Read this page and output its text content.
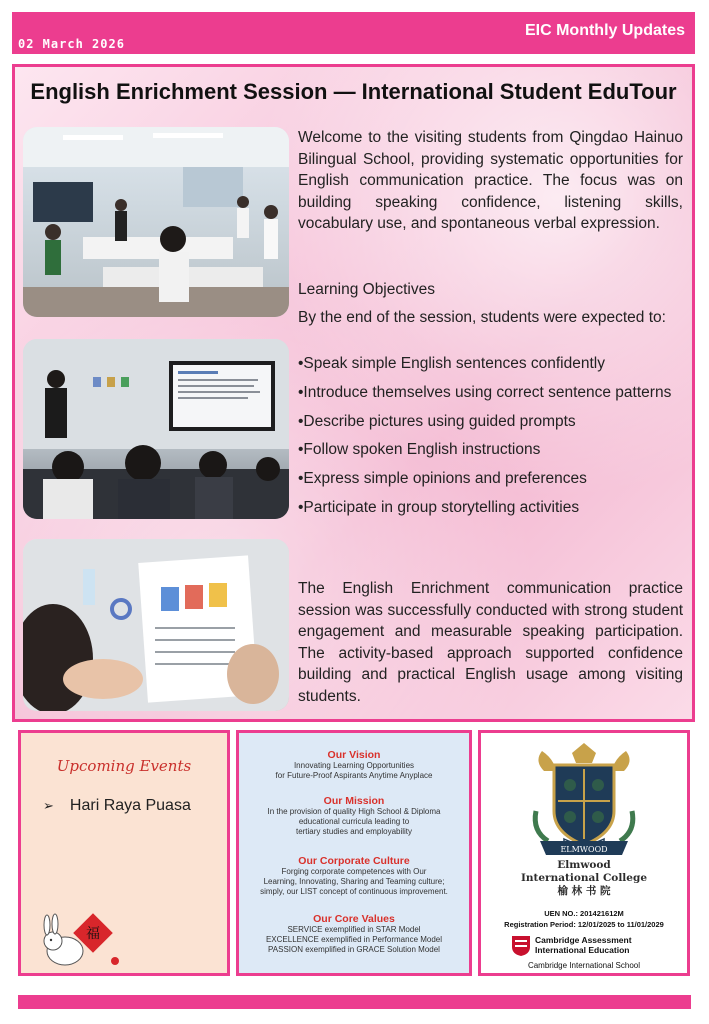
02 March 2026
EIC Monthly Updates
English Enrichment Session — International Student EduTour

Welcome to the visiting students from Qingdao Hainuo Bilingual School, providing systematic opportunities for English communication practice. The focus was on building speaking confidence, listening skills, vocabulary use, and spontaneous verbal expression.

Learning Objectives

By the end of the session, students were expected to:

•Speak simple English sentences confidently
•Introduce themselves using correct sentence patterns
•Describe pictures using guided prompts
•Follow spoken English instructions
•Express simple opinions and preferences
•Participate in group storytelling activities

The English Enrichment communication practice session was successfully conducted with strong student engagement and measurable speaking participation. The activity-based approach supported confidence building and practical English usage among visiting students.

Upcoming Events
➢ Hari Raya Puasa
福
Our Vision
Innovating Learning Opportunities
for Future-Proof Aspirants Anytime Anyplace
Our Mission
In the provision of quality High School & Diploma
educational curricula leading to
tertiary studies and employability
Our Corporate Culture
Forging corporate competences with Our
Learning, Innovating, Sharing and Teaming culture;
simply, our LIST concept of continuous improvement.
Our Core Values
SERVICE exemplified in STAR Model
EXCELLENCE exemplified in Performance Model
PASSION exemplified in GRACE Solution Model
ELMWOOD
Elmwood
International College
榆 林 书 院
UEN NO.: 201421612M
Registration Period: 12/01/2025 to 11/01/2029
Cambridge Assessment
International Education
Cambridge International School
